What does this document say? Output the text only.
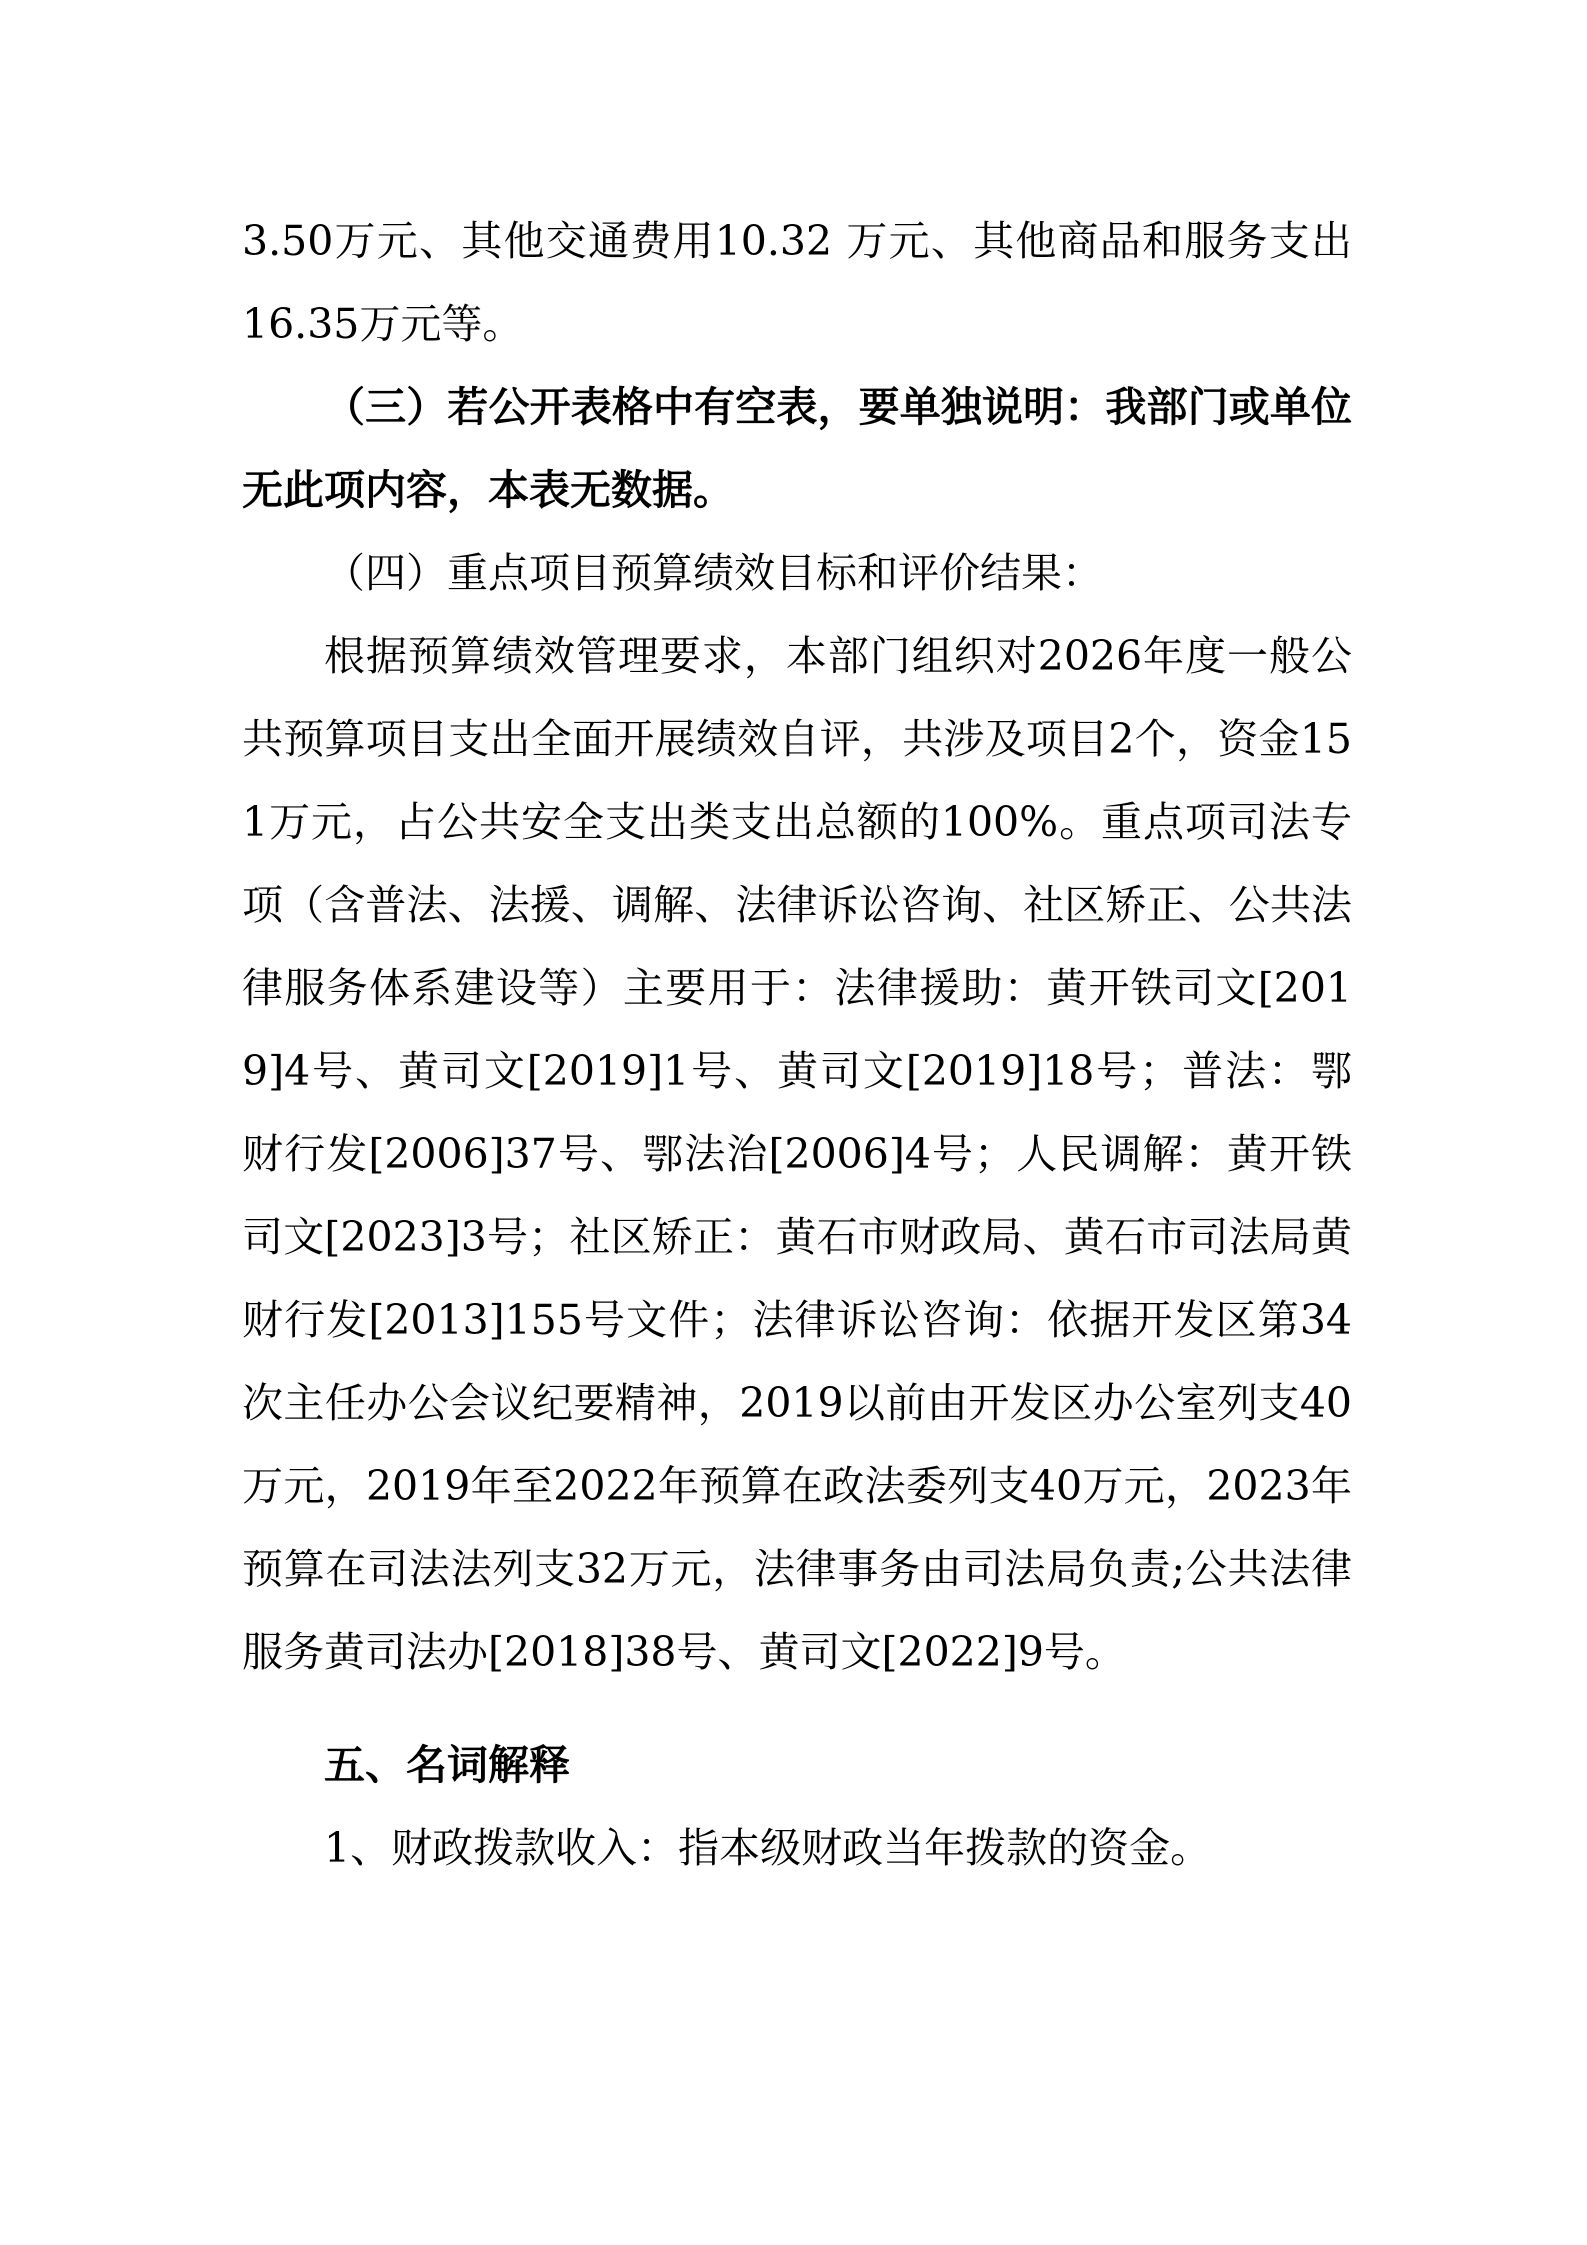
3.50万元、其他交通费用10.32 万元、其他商品和服务支出 16.35万元等。

（三）若公开表格中有空表，要单独说明：我部门或单位无此项内容，本表无数据。

（四）重点项目预算绩效目标和评价结果：

根据预算绩效管理要求，本部门组织对2026年度一般公共预算项目支出全面开展绩效自评，共涉及项目2个，资金151万元，占公共安全支出类支出总额的100%。重点项司法专项（含普法、法援、调解、法律诉讼咨询、社区矫正、公共法律服务体系建设等）主要用于：法律援助：黄开铁司文[2019]4号、黄司文[2019]1号、黄司文[2019]18号；普法：鄂财行发[2006]37号、鄂法治[2006]4号；人民调解：黄开铁司文[2023]3号；社区矫正：黄石市财政局、黄石市司法局黄财行发[2013]155号文件；法律诉讼咨询：依据开发区第34次主任办公会议纪要精神，2019以前由开发区办公室列支40万元，2019年至2022年预算在政法委列支40万元，2023年预算在司法法列支32万元，法律事务由司法局负责;公共法律服务黄司法办[2018]38号、黄司文[2022]9号。

五、名词解释

1、财政拨款收入：指本级财政当年拨款的资金。
